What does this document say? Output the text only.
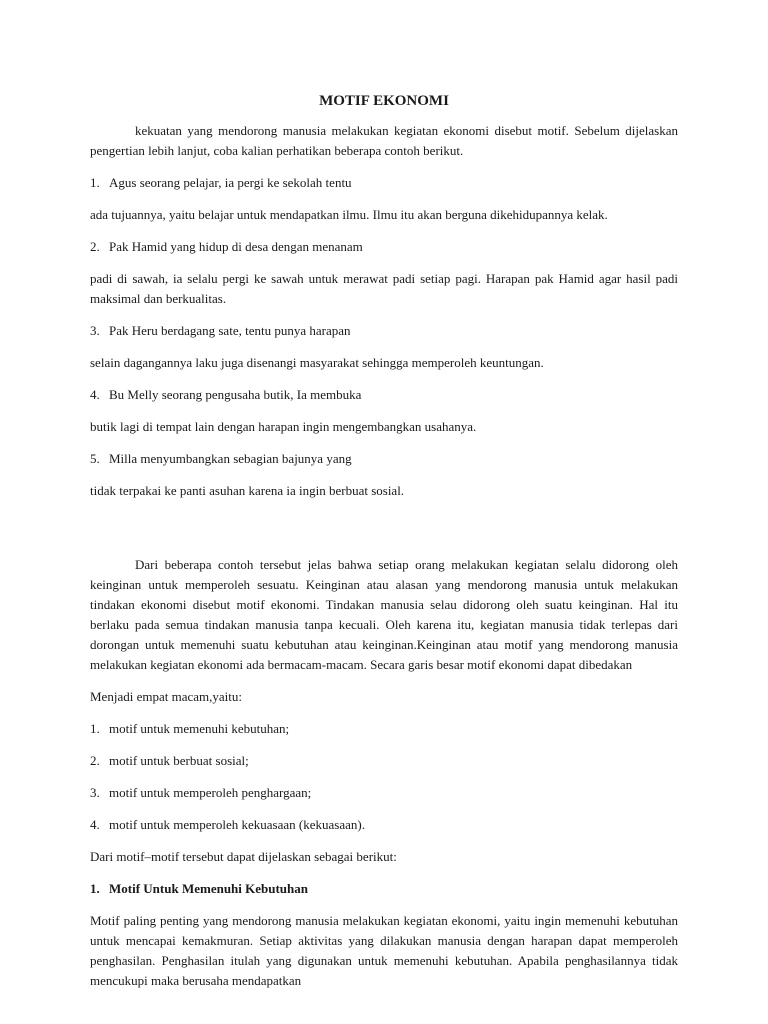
MOTIF EKONOMI

kekuatan yang mendorong manusia melakukan kegiatan ekonomi disebut motif. Sebelum dijelaskan pengertian lebih lanjut, coba kalian perhatikan beberapa contoh berikut.

1. Agus seorang pelajar, ia pergi ke sekolah tentu

ada tujuannya, yaitu belajar untuk mendapatkan ilmu. Ilmu itu akan berguna dikehidupannya kelak.

2. Pak Hamid yang hidup di desa dengan menanam

padi di sawah, ia selalu pergi ke sawah untuk merawat padi setiap pagi. Harapan pak Hamid agar hasil padi maksimal dan berkualitas.

3. Pak Heru berdagang sate, tentu punya harapan

selain dagangannya laku juga disenangi masyarakat sehingga memperoleh keuntungan.

4. Bu Melly seorang pengusaha butik, Ia membuka

butik lagi di tempat lain dengan harapan ingin mengembangkan usahanya.

5. Milla menyumbangkan sebagian bajunya yang

tidak terpakai ke panti asuhan karena ia ingin berbuat sosial.

Dari beberapa contoh tersebut jelas bahwa setiap orang melakukan kegiatan selalu didorong oleh keinginan untuk memperoleh sesuatu. Keinginan atau alasan yang mendorong manusia untuk melakukan tindakan ekonomi disebut motif ekonomi. Tindakan manusia selau didorong oleh suatu keinginan. Hal itu berlaku pada semua tindakan manusia tanpa kecuali. Oleh karena itu, kegiatan manusia tidak terlepas dari dorongan untuk memenuhi suatu kebutuhan atau keinginan.Keinginan atau motif yang mendorong manusia melakukan kegiatan ekonomi ada bermacam-macam. Secara garis besar motif ekonomi dapat dibedakan

Menjadi empat macam,yaitu:

1. motif untuk memenuhi kebutuhan;

2. motif untuk berbuat sosial;

3. motif untuk memperoleh penghargaan;

4. motif untuk memperoleh kekuasaan (kekuasaan).

Dari motif–motif tersebut dapat dijelaskan sebagai berikut:

1. Motif Untuk Memenuhi Kebutuhan

Motif paling penting yang mendorong manusia melakukan kegiatan ekonomi, yaitu ingin memenuhi kebutuhan untuk mencapai kemakmuran. Setiap aktivitas yang dilakukan manusia dengan harapan dapat memperoleh penghasilan. Penghasilan itulah yang digunakan untuk memenuhi kebutuhan. Apabila penghasilannya tidak mencukupi maka berusaha mendapatkan
